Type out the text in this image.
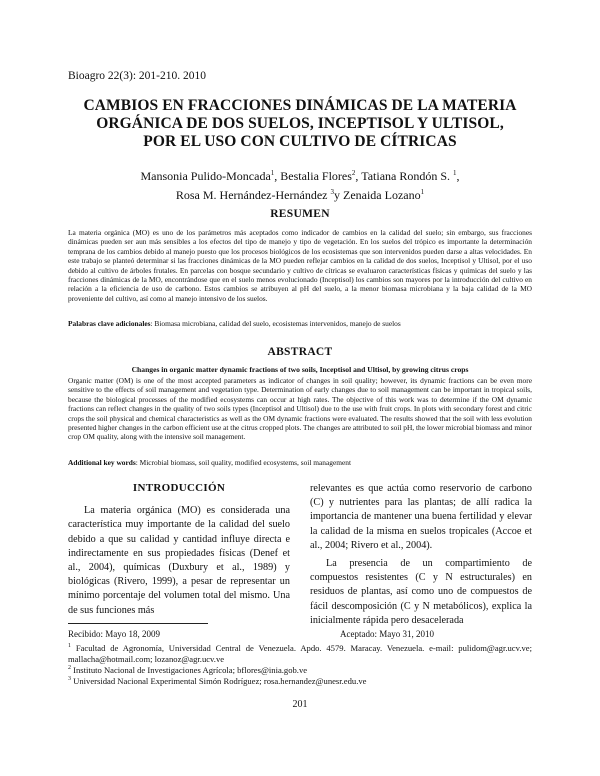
Bioagro 22(3): 201-210. 2010
CAMBIOS EN FRACCIONES DINÁMICAS DE LA MATERIA
ORGÁNICA DE DOS SUELOS, INCEPTISOL Y ULTISOL,
POR EL USO CON CULTIVO DE CÍTRICAS
Mansonia Pulido-Moncada$^1$, Bestalia Flores$^2$, Tatiana Rondón S. $^1$,
Rosa M. Hernández-Hernández $^3$y Zenaida Lozano$^1$
RESUMEN
La materia orgánica (MO) es uno de los parámetros más aceptados como indicador de cambios en la calidad del suelo; sin embargo, sus fracciones dinámicas pueden ser aun más sensibles a los efectos del tipo de manejo y tipo de vegetación. En los suelos del trópico es importante la determinación temprana de los cambios debido al manejo puesto que los procesos biológicos de los ecosistemas que son intervenidos pueden darse a altas velocidades. En este trabajo se planteó determinar si las fracciones dinámicas de la MO pueden reflejar cambios en la calidad de dos suelos, Inceptisol y Ultisol, por el uso debido al cultivo de árboles frutales. En parcelas con bosque secundario y cultivo de cítricas se evaluaron características físicas y químicas del suelo y las fracciones dinámicas de la MO, encontrándose que en el suelo menos evolucionado (Inceptisol) los cambios son mayores por la introducción del cultivo en relación a la eficiencia de uso de carbono. Estos cambios se atribuyen al pH del suelo, a la menor biomasa microbiana y la baja calidad de la MO proveniente del cultivo, así como al manejo intensivo de los suelos.
Palabras clave adicionales: Biomasa microbiana, calidad del suelo, ecosistemas intervenidos, manejo de suelos
ABSTRACT
Changes in organic matter dynamic fractions of two soils, Inceptisol and Ultisol, by growing citrus crops
Organic matter (OM) is one of the most accepted parameters as indicator of changes in soil quality; however, its dynamic fractions can be even more sensitive to the effects of soil management and vegetation type. Determination of early changes due to soil management can be important in tropical soils, because the biological processes of the modified ecosystems can occur at high rates. The objective of this work was to determine if the OM dynamic fractions can reflect changes in the quality of two soils types (Inceptisol and Ultisol) due to the use with fruit crops. In plots with secondary forest and citric crops the soil physical and chemical characteristics as well as the OM dynamic fractions were evaluated. The results showed that the soil with less evolution presented higher changes in the carbon efficient use at the citrus cropped plots. The changes are attributed to soil pH, the lower microbial biomass and minor crop OM quality, along with the intensive soil management.
Additional key words: Microbial biomass, soil quality, modified ecosystems, soil management
INTRODUCCIÓN

La materia orgánica (MO) es considerada una característica muy importante de la calidad del suelo debido a que su calidad y cantidad influye directa e indirectamente en sus propiedades físicas (Denef et al., 2004), químicas (Duxbury et al., 1989) y biológicas (Rivero, 1999), a pesar de representar un mínimo porcentaje del volumen total del mismo. Una de sus funciones más

relevantes es que actúa como reservorio de carbono (C) y nutrientes para las plantas; de allí radica la importancia de mantener una buena fertilidad y elevar la calidad de la misma en suelos tropicales (Accoe et al., 2004; Rivero et al., 2004).

La presencia de un compartimiento de compuestos resistentes (C y N estructurales) en residuos de plantas, así como uno de compuestos de fácil descomposición (C y N metabólicos), explica la inicialmente rápida pero desacelerada

Recibido: Mayo 18, 2009	Aceptado: Mayo 31, 2010
$^1$ Facultad de Agronomía, Universidad Central de Venezuela. Apdo. 4579. Maracay. Venezuela. e-mail: pulidom@agr.ucv.ve; mallacha@hotmail.com; lozanoz@agr.ucv.ve
$^2$ Instituto Nacional de Investigaciones Agrícola; bflores@inia.gob.ve
$^3$ Universidad Nacional Experimental Simón Rodríguez; rosa.hernandez@unesr.edu.ve
201
